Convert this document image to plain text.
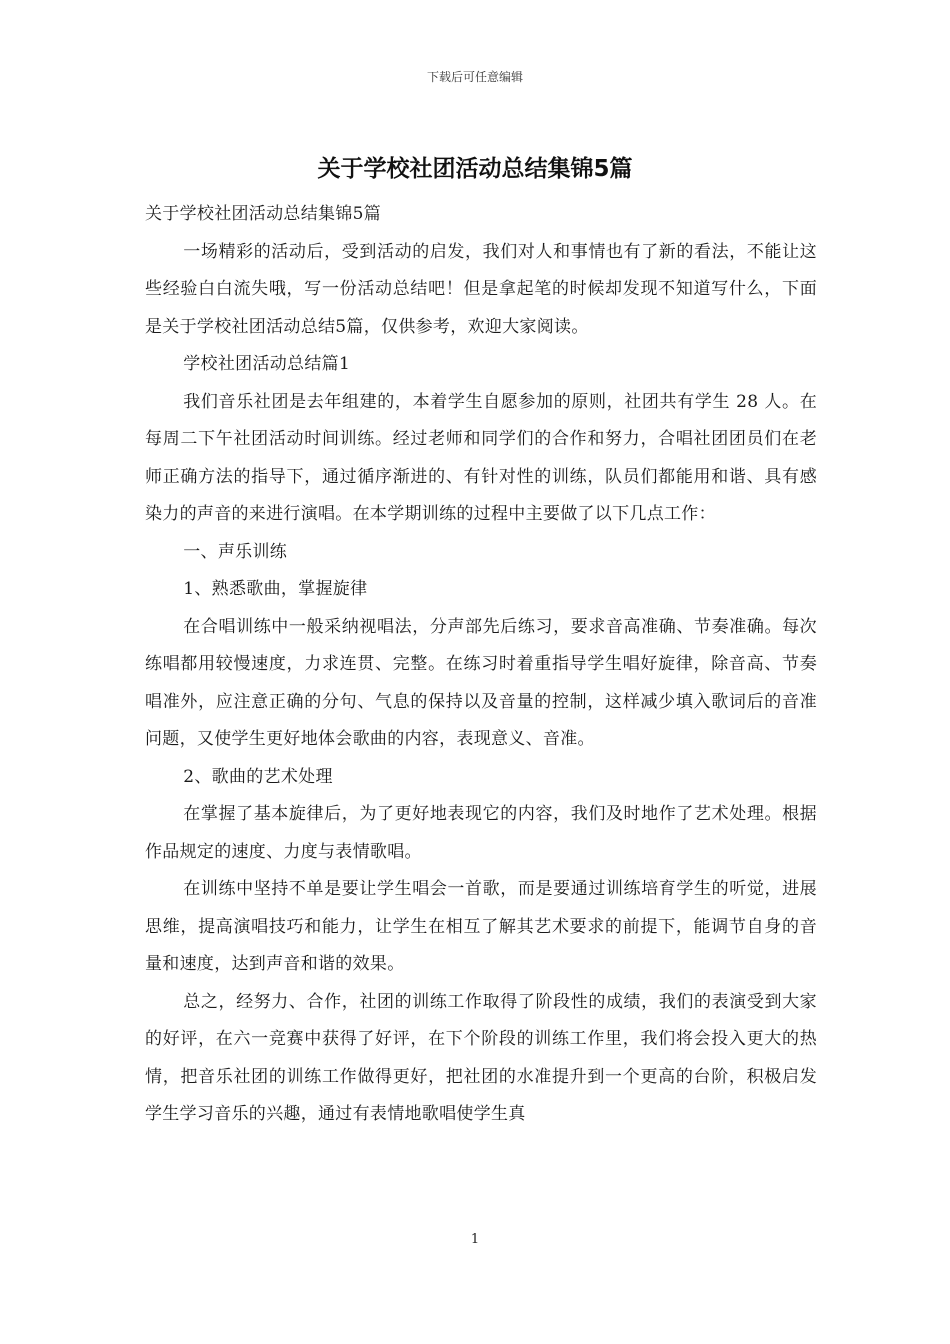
下载后可任意编辑
关于学校社团活动总结集锦5篇

关于学校社团活动总结集锦5篇

一场精彩的活动后，受到活动的启发，我们对人和事情也有了新的看法，不能让这些经验白白流失哦，写一份活动总结吧！但是拿起笔的时候却发现不知道写什么，下面是关于学校社团活动总结5篇，仅供参考，欢迎大家阅读。

学校社团活动总结篇1

我们音乐社团是去年组建的，本着学生自愿参加的原则，社团共有学生 28 人。在每周二下午社团活动时间训练。经过老师和同学们的合作和努力，合唱社团团员们在老师正确方法的指导下，通过循序渐进的、有针对性的训练，队员们都能用和谐、具有感染力的声音的来进行演唱。在本学期训练的过程中主要做了以下几点工作：

一、声乐训练

1、熟悉歌曲，掌握旋律

在合唱训练中一般采纳视唱法，分声部先后练习，要求音高准确、节奏准确。每次练唱都用较慢速度，力求连贯、完整。在练习时着重指导学生唱好旋律，除音高、节奏唱准外，应注意正确的分句、气息的保持以及音量的控制，这样减少填入歌词后的音准问题，又使学生更好地体会歌曲的内容，表现意义、音准。

2、歌曲的艺术处理

在掌握了基本旋律后，为了更好地表现它的内容，我们及时地作了艺术处理。根据作品规定的速度、力度与表情歌唱。

在训练中坚持不单是要让学生唱会一首歌，而是要通过训练培育学生的听觉，进展思维，提高演唱技巧和能力，让学生在相互了解其艺术要求的前提下，能调节自身的音量和速度，达到声音和谐的效果。

总之，经努力、合作，社团的训练工作取得了阶段性的成绩，我们的表演受到大家的好评，在六一竞赛中获得了好评，在下个阶段的训练工作里，我们将会投入更大的热情，把音乐社团的训练工作做得更好，把社团的水准提升到一个更高的台阶，积极启发学生学习音乐的兴趣，通过有表情地歌唱使学生真

1
